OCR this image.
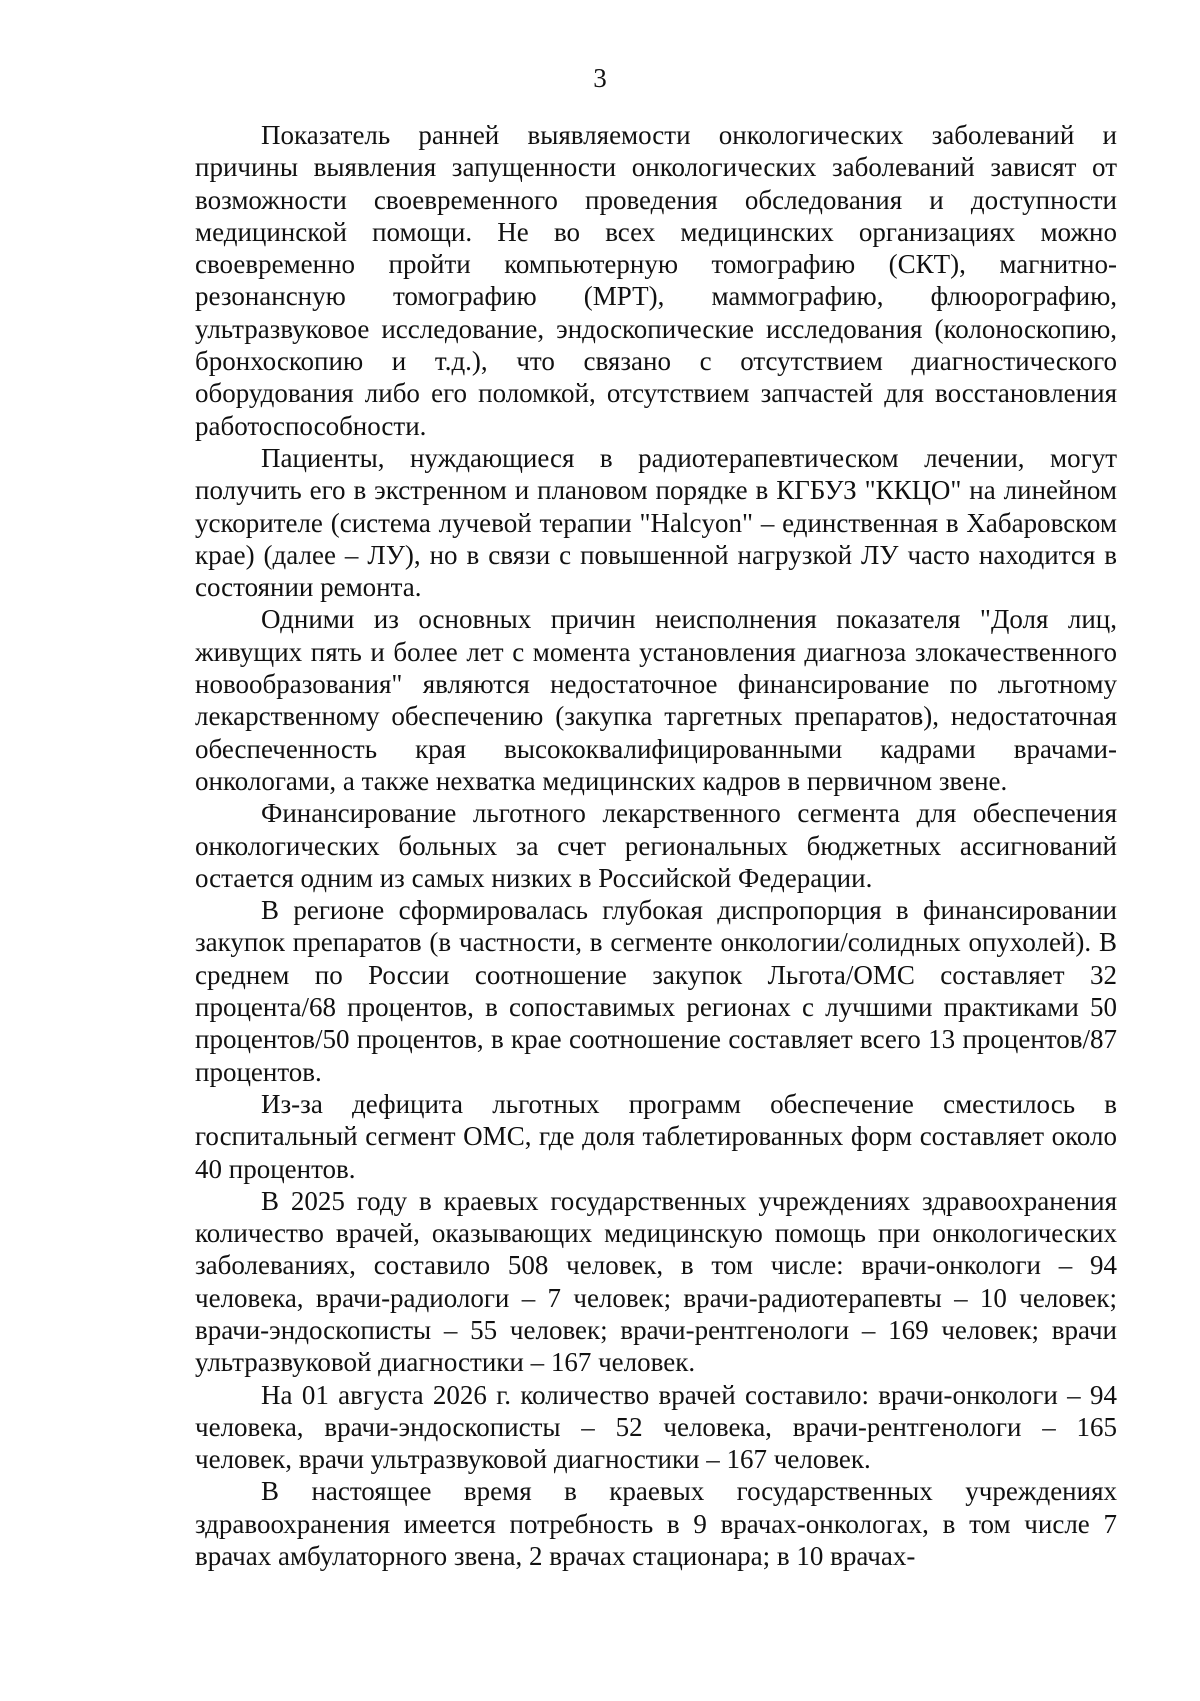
3

Показатель ранней выявляемости онкологических заболеваний и причины выявления запущенности онкологических заболеваний зависят от возможности своевременного проведения обследования и доступности медицинской помощи. Не во всех медицинских организациях можно своевременно пройти компьютерную томографию (СКТ), магнитно-резонансную томографию (МРТ), маммографию, флюорографию, ультразвуковое исследование, эндоскопические исследования (колоноскопию, бронхоскопию и т.д.), что связано с отсутствием диагностического оборудования либо его поломкой, отсутствием запчастей для восстановления работоспособности.

Пациенты, нуждающиеся в радиотерапевтическом лечении, могут получить его в экстренном и плановом порядке в КГБУЗ "ККЦО" на линейном ускорителе (система лучевой терапии "Halcyon" – единственная в Хабаровском крае) (далее – ЛУ), но в связи с повышенной нагрузкой ЛУ часто находится в состоянии ремонта.

Одними из основных причин неисполнения показателя "Доля лиц, живущих пять и более лет с момента установления диагноза злокачественного новообразования" являются недостаточное финансирование по льготному лекарственному обеспечению (закупка таргетных препаратов), недостаточная обеспеченность края высококвалифицированными кадрами врачами-онкологами, а также нехватка медицинских кадров в первичном звене.

Финансирование льготного лекарственного сегмента для обеспечения онкологических больных за счет региональных бюджетных ассигнований остается одним из самых низких в Российской Федерации.

В регионе сформировалась глубокая диспропорция в финансировании закупок препаратов (в частности, в сегменте онкологии/солидных опухолей). В среднем по России соотношение закупок Льгота/ОМС составляет 32 процента/68 процентов, в сопоставимых регионах с лучшими практиками 50 процентов/50 процентов, в крае соотношение составляет всего 13 процентов/87 процентов.

Из-за дефицита льготных программ обеспечение сместилось в госпитальный сегмент ОМС, где доля таблетированных форм составляет около 40 процентов.

В 2025 году в краевых государственных учреждениях здравоохранения количество врачей, оказывающих медицинскую помощь при онкологических заболеваниях, составило 508 человек, в том числе: врачи-онкологи – 94 человека, врачи-радиологи – 7 человек; врачи-радиотерапевты – 10 человек; врачи-эндоскописты – 55 человек; врачи-рентгенологи – 169 человек; врачи ультразвуковой диагностики – 167 человек.

На 01 августа 2026 г. количество врачей составило: врачи-онкологи – 94 человека, врачи-эндоскописты – 52 человека, врачи-рентгенологи – 165 человек, врачи ультразвуковой диагностики – 167 человек.

В настоящее время в краевых государственных учреждениях здравоохранения имеется потребность в 9 врачах-онкологах, в том числе 7 врачах амбулаторного звена, 2 врачах стационара; в 10 врачах-
